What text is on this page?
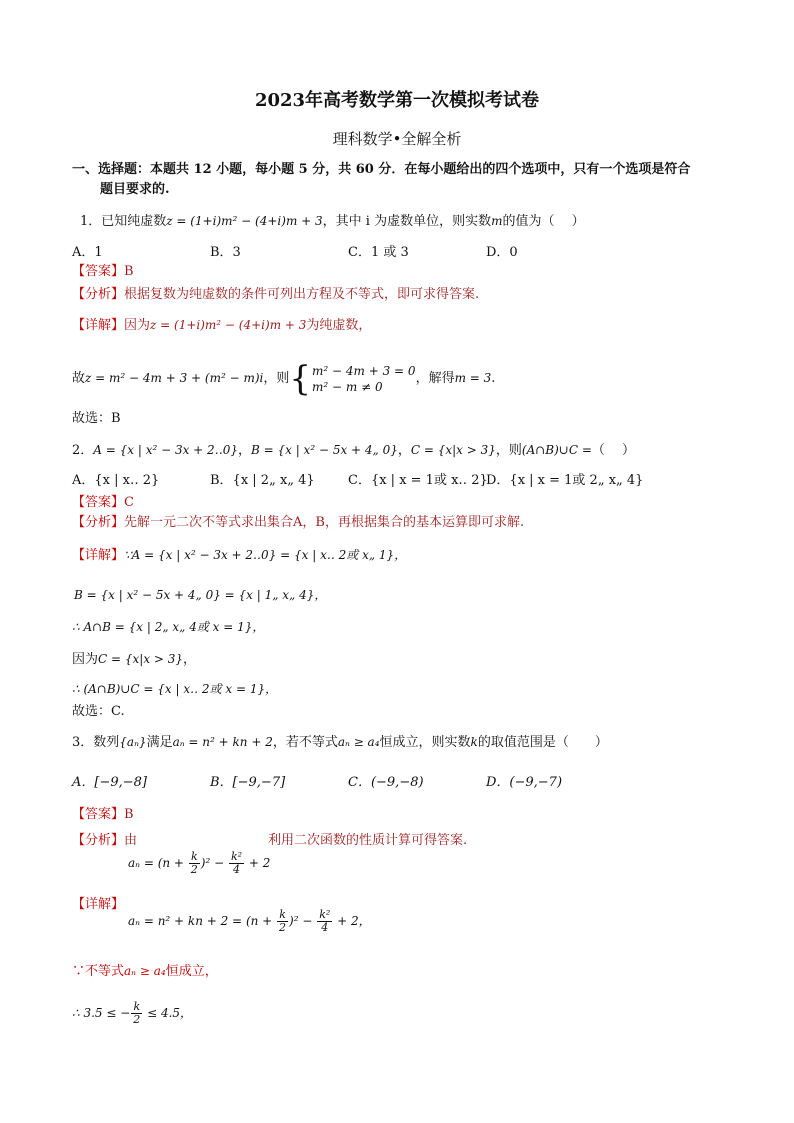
2023年高考数学第一次模拟考试卷
理科数学•全解全析
一、选择题：本题共 12 小题，每小题 5 分，共 60 分．在每小题给出的四个选项中，只有一个选项是符合
题目要求的.
1．已知纯虚数z = (1+i)m² − (4+i)m + 3，其中 i 为虚数单位，则实数m的值为（　 ）
A．1	B．3	C．1 或 3	D．0
【答案】B
【分析】根据复数为纯虚数的条件可列出方程及不等式，即可求得答案.
【详解】因为z = (1+i)m² − (4+i)m + 3为纯虚数，
故z = m² − 4m + 3 + (m² − m)i，则{ m² − 4m + 3 = 0
m² − m ≠ 0
，解得m = 3.
故选：B
2．A = {x | x² − 3x + 2‥0}，B = {x | x² − 5x + 4„ 0}，C = {x|x > 3}，则(A∩B)∪C =（　 ）
A．{x | x‥ 2}	B．{x | 2„ x„ 4}	C．{x | x = 1或 x‥ 2}
D．{x | x = 1或 2„ x„ 4}
【答案】C
【分析】先解一元二次不等式求出集合A，B，再根据集合的基本运算即可求解.
【详解】∵A = {x | x² − 3x + 2‥0} = {x | x‥ 2或 x„ 1}，
B = {x | x² − 5x + 4„ 0} = {x | 1„ x„ 4}，
∴ A∩B = {x | 2„ x„ 4或 x = 1}，
因为C = {x|x > 3}，
∴ (A∩B)∪C = {x | x‥ 2或 x = 1}，
故选：C.
3．数列{aₙ}满足aₙ = n² + kn + 2，若不等式aₙ ≥ a₄恒成立，则实数k的取值范围是（　　）
A．[−9,−8]	B．[−9,−7]	C．(−9,−8)	D．(−9,−7)
【答案】B
【分析】由
$a_n = (n + \frac{k}{2} )^2 - \frac{\text{k²}}{4} + 2$
利用二次函数的性质计算可得答案.
【详解】
aₙ = n² + kn + $2 = (n + \frac{k}{2} )^2 - \frac{\text{k²}}{4} + 2$，
∵不等式aₙ ≥ a₄恒成立，
∴ 3.5 ≤ − $\frac{k}{2} \le 4.5$，
